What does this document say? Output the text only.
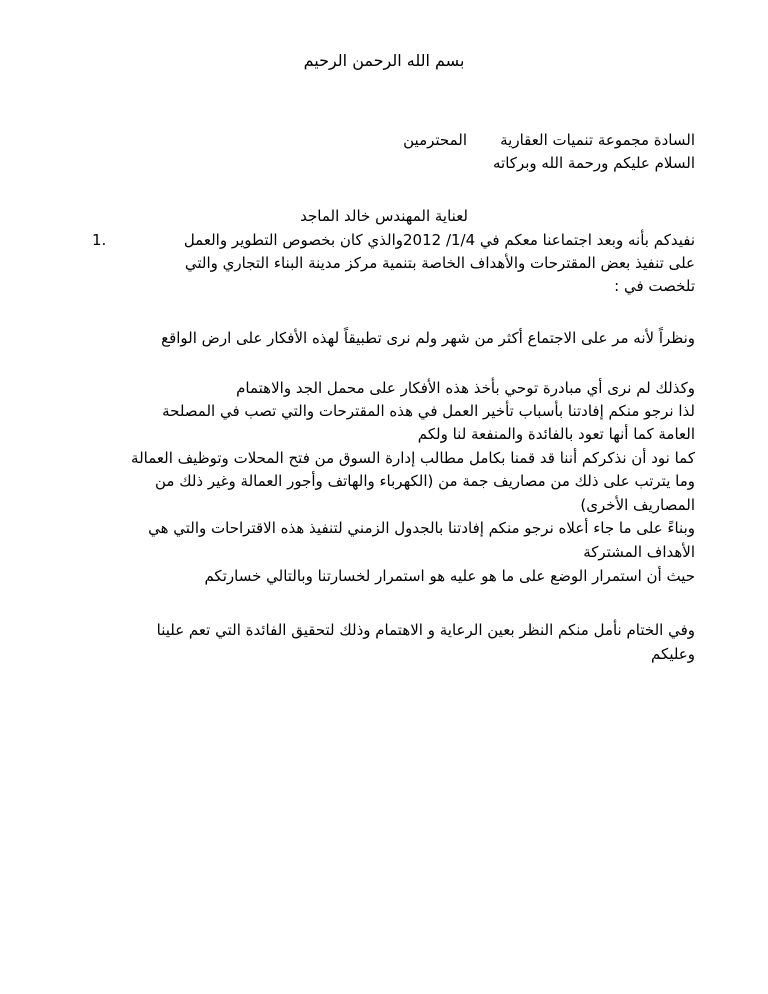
بسم الله الرحمن الرحيم
السادة مجموعة تنميات العقارية
المحترمين
السلام عليكم ورحمة الله وبركاته
لعناية المهندس خالد الماجد
1.	نفيدكم بأنه وبعد اجتماعنا معكم في 1/4/ 2012والذي كان بخصوص التطوير والعمل
على تنفيذ بعض المقترحات والأهداف الخاصة بتنمية مركز مدينة البناء التجاري والتي
تلخصت في :
ونظراً لأنه مر على الاجتماع أكثر من شهر ولم نرى تطبيقاً لهذه الأفكار على ارض الواقع
وكذلك لم نرى أي مبادرة توحي بأخذ هذه الأفكار على محمل الجد والاهتمام
لذا نرجو منكم إفادتنا بأسباب تأخير العمل في هذه المقترحات والتي تصب في المصلحة
العامة كما أنها تعود بالفائدة والمنفعة لنا ولكم
كما نود أن نذكركم أننا قد قمنا بكامل مطالب إدارة السوق من فتح المحلات وتوظيف العمالة
وما يترتب على ذلك من مصاريف جمة من (الكهرباء والهاتف وأجور العمالة وغير ذلك من
المصاريف الأخرى)
وبناءً على ما جاء أعلاه نرجو منكم إفادتنا بالجدول الزمني لتنفيذ هذه الاقتراحات والتي هي
الأهداف المشتركة
حيث أن استمرار الوضع على ما هو عليه هو استمرار لخسارتنا وبالتالي خسارتكم
وفي الختام نأمل منكم النظر بعين الرعاية و الاهتمام وذلك لتحقيق الفائدة التي تعم علينا
وعليكم
